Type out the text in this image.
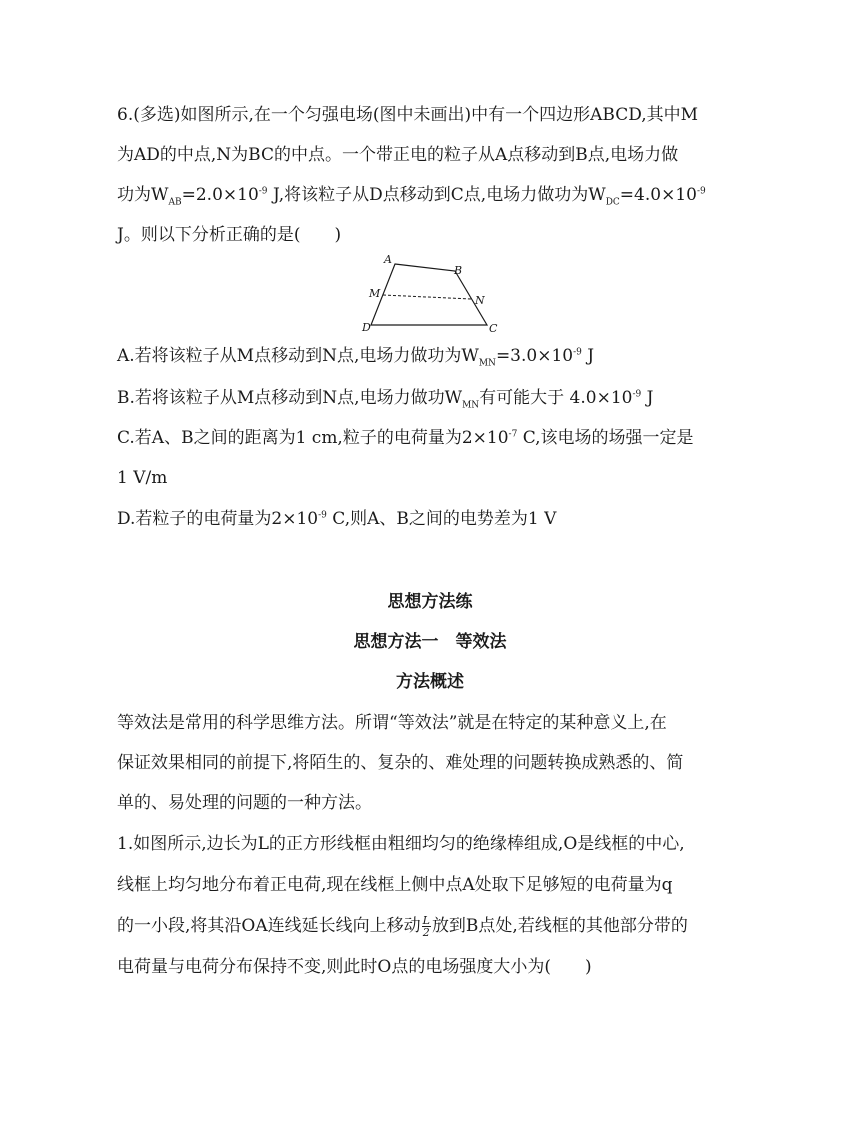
6.(多选)如图所示,在一个匀强电场(图中未画出)中有一个四边形ABCD,其中M
为AD的中点,N为BC的中点。一个带正电的粒子从A点移动到B点,电场力做
功为$W_{AB}=2.0\times 10^{-9}$ J,将该粒子从D点移动到C点,电场力做功为$W_{DC}=4.0\times 10^{-9}$
J。则以下分析正确的是(　　)
A
B
C
D
M
N
A.若将该粒子从M点移动到N点,电场力做功为$W_{MN}=3.0\times 10^{-9}$ J
B.若将该粒子从M点移动到N点,电场力做功$W_{MN}$有可能大于 $4.0\times 10^{-9}$ J
C.若A、B之间的距离为1 cm,粒子的电荷量为$2\times 10^{-7}$ C,该电场的场强一定是
1 V/m
D.若粒子的电荷量为$2\times 10^{-9}$ C,则A、B之间的电势差为1 V
思想方法练
思想方法一　等效法
方法概述
等效法是常用的科学思维方法。所谓“等效法”就是在特定的某种意义上,在
保证效果相同的前提下,将陌生的、复杂的、难处理的问题转换成熟悉的、简
单的、易处理的问题的一种方法。
1.如图所示,边长为L的正方形线框由粗细均匀的绝缘棒组成,O是线框的中心,
线框上均匀地分布着正电荷,现在线框上侧中点A处取下足够短的电荷量为q
的一小段,将其沿OA连线延长线向上移动 $\frac{L}{2}$ 放到B点处,若线框的其他部分带的
电荷量与电荷分布保持不变,则此时O点的电场强度大小为(　　)
